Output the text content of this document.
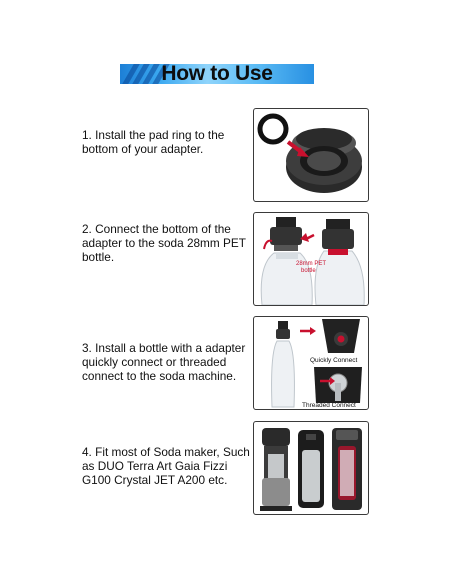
How to Use
1. Install the pad ring to the bottom of your adapter.
2. Connect the bottom of the adapter to the soda 28mm PET bottle.	28mm PET
bottle
3. Install a bottle with a adapter quickly connect or threaded connect to the soda machine.
Quickly Connect
Threaded Connect
4. Fit most of Soda maker, Such as DUO Terra Art Gaia Fizzi G100 Crystal JET A200 etc.
